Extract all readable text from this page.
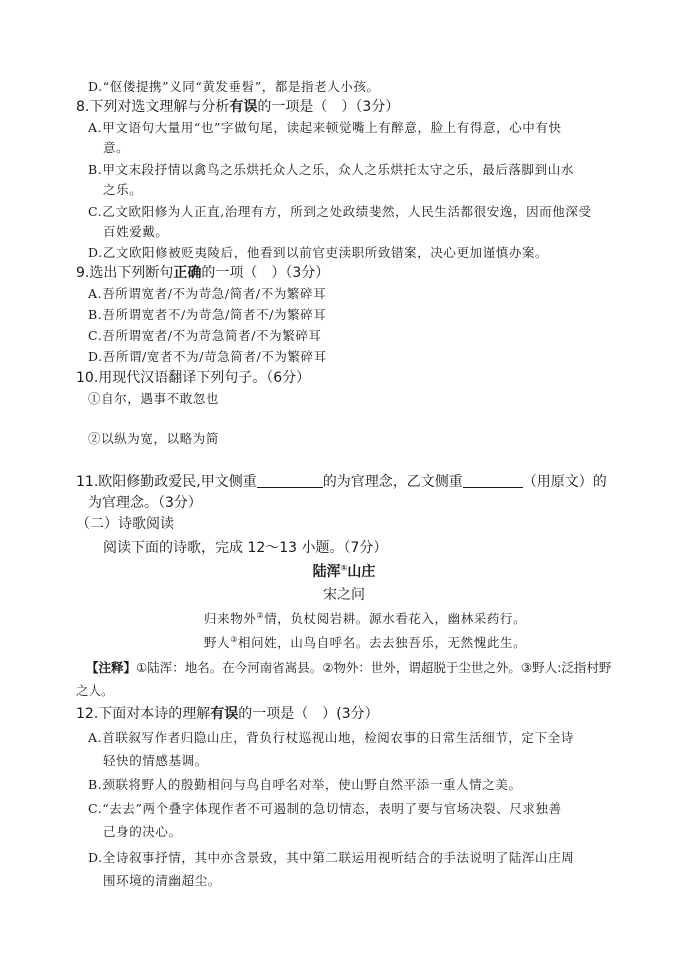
D.“伛偻提携”义同“黄发垂髫”，都是指老人小孩。
8.下列对选文理解与分析有误的一项是（　）（3分）
A.甲文语句大量用“也”字做句尾，读起来顿觉嘴上有醉意，脸上有得意，心中有快
意。
B.甲文末段抒情以禽鸟之乐烘托众人之乐，众人之乐烘托太守之乐，最后落脚到山水
之乐。
C.乙文欧阳修为人正直,治理有方，所到之处政绩斐然，人民生活都很安逸，因而他深受
百姓爱戴。
D.乙文欧阳修被贬夷陵后，他看到以前官吏渎职所致错案，决心更加谨慎办案。
9.选出下列断句正确的一项（　）（3分）
A.吾所谓宽者/不为苛急/简者/不为繁碎耳
B.吾所谓宽者不/为苛急/简者不/为繁碎耳
C.吾所谓宽者/不为苛急简者/不为繁碎耳
D.吾所谓/宽者不为/苛急简者/不为繁碎耳
10.用现代汉语翻译下列句子。（6分）
①自尔，遇事不敢忽也
②以纵为宽，以略为简
11.欧阳修勤政爱民,甲文侧重	的为官理念，乙文侧重	（用原文）的
为官理念。（3分）
（二）诗歌阅读
阅读下面的诗歌，完成 12～13 小题。（7分）
陆浑①山庄
宋之问
归来物外②情，负杖阅岩耕。源水看花入，幽林采药行。
野人③相问姓，山鸟自呼名。去去独吾乐，无然愧此生。
【注释】①陆浑：地名。在今河南省嵩县。②物外：世外，谓超脱于尘世之外。③野人:泛指村野
之人。
12.下面对本诗的理解有误的一项是（　）(3分）
A.首联叙写作者归隐山庄，背负行杖巡视山地，检阅农事的日常生活细节，定下全诗
轻快的情感基调。
B.颈联将野人的殷勤相问与鸟自呼名对举，使山野自然平添一重人情之美。
C.“去去”两个叠字体现作者不可遏制的急切情态，表明了要与官场决裂、尺求独善
己身的决心。
D.全诗叙事抒情，其中亦含景致，其中第二联运用视听结合的手法说明了陆浑山庄周
围环境的清幽超尘。
